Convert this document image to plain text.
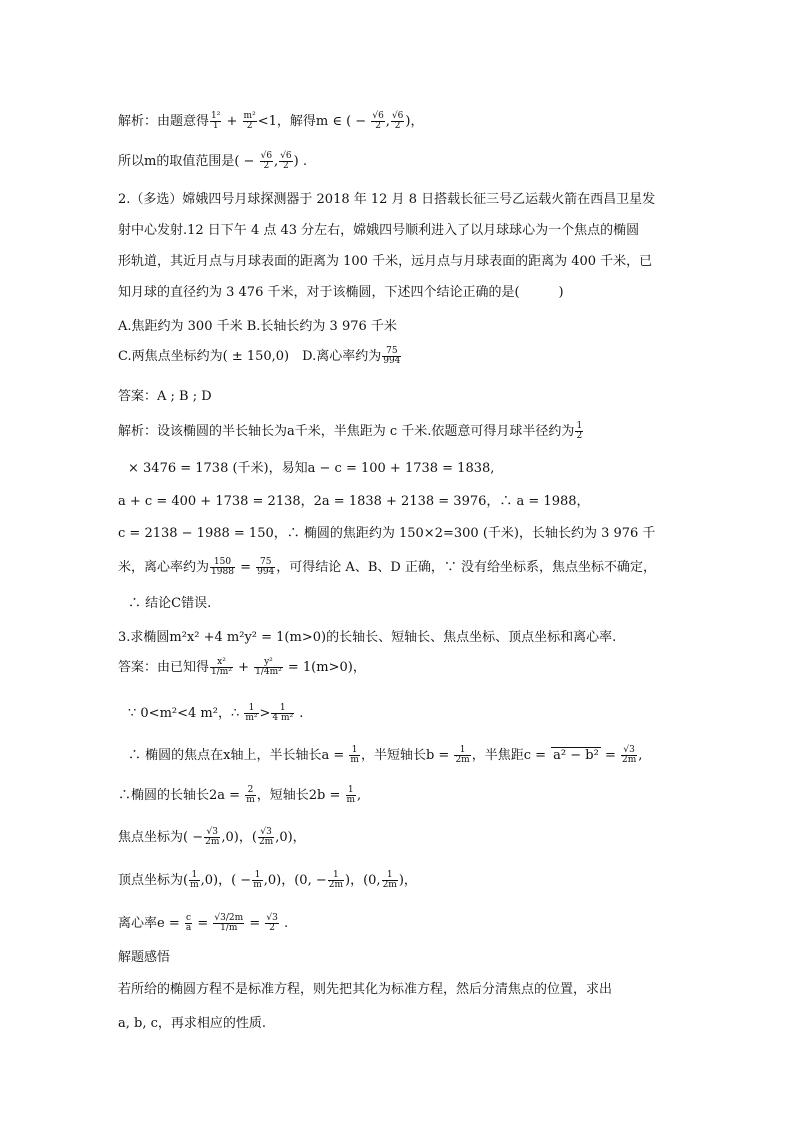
解析：由题意得 $\frac{\text{1²}}{1} + \frac{\text{m²}}{2} <1$，解得m ∈ ( − $\frac{√6}{2}$ , $\frac{√6}{2}$ )，
所以m的取值范围是( − $\frac{√6}{2}$ , $\frac{√6}{2}$ ) .
2.（多选）嫦娥四号月球探测器于 2018 年 12 月 8 日搭载长征三号乙运载火箭在西昌卫星发
射中心发射.12 日下午 4 点 43 分左右，嫦娥四号顺利进入了以月球球心为一个焦点的椭圆
形轨道，其近月点与月球表面的距离为 100 千米，远月点与月球表面的距离为 400 千米，已
知月球的直径约为 3 476 千米，对于该椭圆，下述四个结论正确的是(　　　)
A.焦距约为 300 千米 B.长轴长约为 3 976 千米
C.两焦点坐标约为( ± 150,0)　D.离心率约为 $\frac{75}{994}$
答案：A ; B ; D
解析：设该椭圆的半长轴长为a千米，半焦距为 c 千米.依题意可得月球半径约为 $\frac{1}{2}$
× 3476 = 1738 (千米)，易知a − c = 100 + 1738 = 1838,
a + c = 400 + 1738 = 2138，2a = 1838 + 2138 = 3976，∴ a = 1988，
c = 2138 − 1988 = 150，∴ 椭圆的焦距约为 150×2=300 (千米)，长轴长约为 3 976 千
米，离心率约为 $\frac{150}{1988} = \frac{75}{994}$ ，可得结论 A、B、D 正确，∵ 没有给坐标系，焦点坐标不确定，
∴ 结论C错误.
3.求椭圆m²x² +4 m²y² = 1(m>0)的长轴长、短轴长、焦点坐标、顶点坐标和离心率.
答案：由已知得 $\frac{\text{x²}}{\text{1/m²}} + \frac{\text{y²}}{\text{1/4m²}} = 1(m>0)$，
∵ 0<m²<4 m²，∴ $\frac{1}{\text{m²}} > \frac{1}{\text{4 m²}}$ .
∴ 椭圆的焦点在x轴上，半长轴长$a = \frac{1}{m}$ ，半短轴长$b = \frac{1}{2m}$ ，半焦距$c = a^2 - b^2 = \frac{√3}{2m}$ ,
∴椭圆的长轴长$2a = \frac{2}{m}$ ，短轴长$2b = \frac{1}{m}$ ,
焦点坐标为( − $\frac{√3}{2m} ,0$)，( $\frac{√3}{2m} ,0$)，
顶点坐标为( $\frac{1}{m} ,0$)，( − $\frac{1}{m} ,0$)，(0, − $\frac{1}{2m}$ )，(0, $\frac{1}{2m}$ )，
离心率$e = \frac{c}{a} = \frac{√3/2m}{1/m} = \frac{√3}{2}$ .
解题感悟
若所给的椭圆方程不是标准方程，则先把其化为标准方程，然后分清焦点的位置，求出
a, b, c，再求相应的性质.
